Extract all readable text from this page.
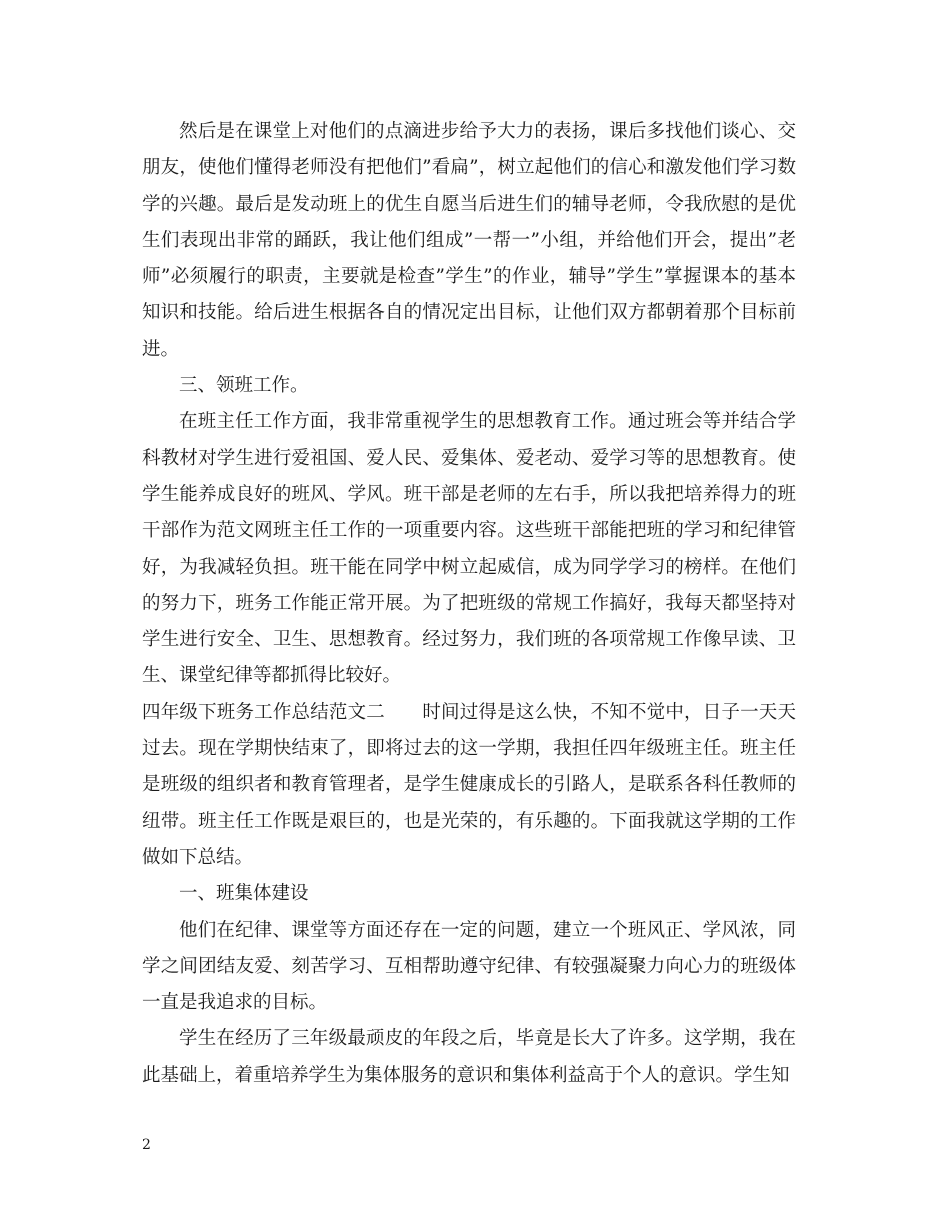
然后是在课堂上对他们的点滴进步给予大力的表扬，课后多找他们谈心、交朋友，使他们懂得老师没有把他们”看扁”，树立起他们的信心和激发他们学习数学的兴趣。最后是发动班上的优生自愿当后进生们的辅导老师，令我欣慰的是优生们表现出非常的踊跃，我让他们组成”一帮一”小组，并给他们开会，提出”老师”必须履行的职责，主要就是检查”学生”的作业，辅导”学生”掌握课本的基本知识和技能。给后进生根据各自的情况定出目标，让他们双方都朝着那个目标前进。

三、领班工作。

在班主任工作方面，我非常重视学生的思想教育工作。通过班会等并结合学科教材对学生进行爱祖国、爱人民、爱集体、爱老动、爱学习等的思想教育。使学生能养成良好的班风、学风。班干部是老师的左右手，所以我把培养得力的班干部作为范文网班主任工作的一项重要内容。这些班干部能把班的学习和纪律管好，为我减轻负担。班干能在同学中树立起威信，成为同学学习的榜样。在他们的努力下，班务工作能正常开展。为了把班级的常规工作搞好，我每天都坚持对学生进行安全、卫生、思想教育。经过努力，我们班的各项常规工作像早读、卫生、课堂纪律等都抓得比较好。

四年级下班务工作总结范文二　　时间过得是这么快，不知不觉中，日子一天天过去。现在学期快结束了，即将过去的这一学期，我担任四年级班主任。班主任是班级的组织者和教育管理者，是学生健康成长的引路人，是联系各科任教师的纽带。班主任工作既是艰巨的，也是光荣的，有乐趣的。下面我就这学期的工作做如下总结。

一、班集体建设

他们在纪律、课堂等方面还存在一定的问题，建立一个班风正、学风浓，同学之间团结友爱、刻苦学习、互相帮助遵守纪律、有较强凝聚力向心力的班级体一直是我追求的目标。

学生在经历了三年级最顽皮的年段之后，毕竟是长大了许多。这学期，我在此基础上，着重培养学生为集体服务的意识和集体利益高于个人的意识。学生知

2
